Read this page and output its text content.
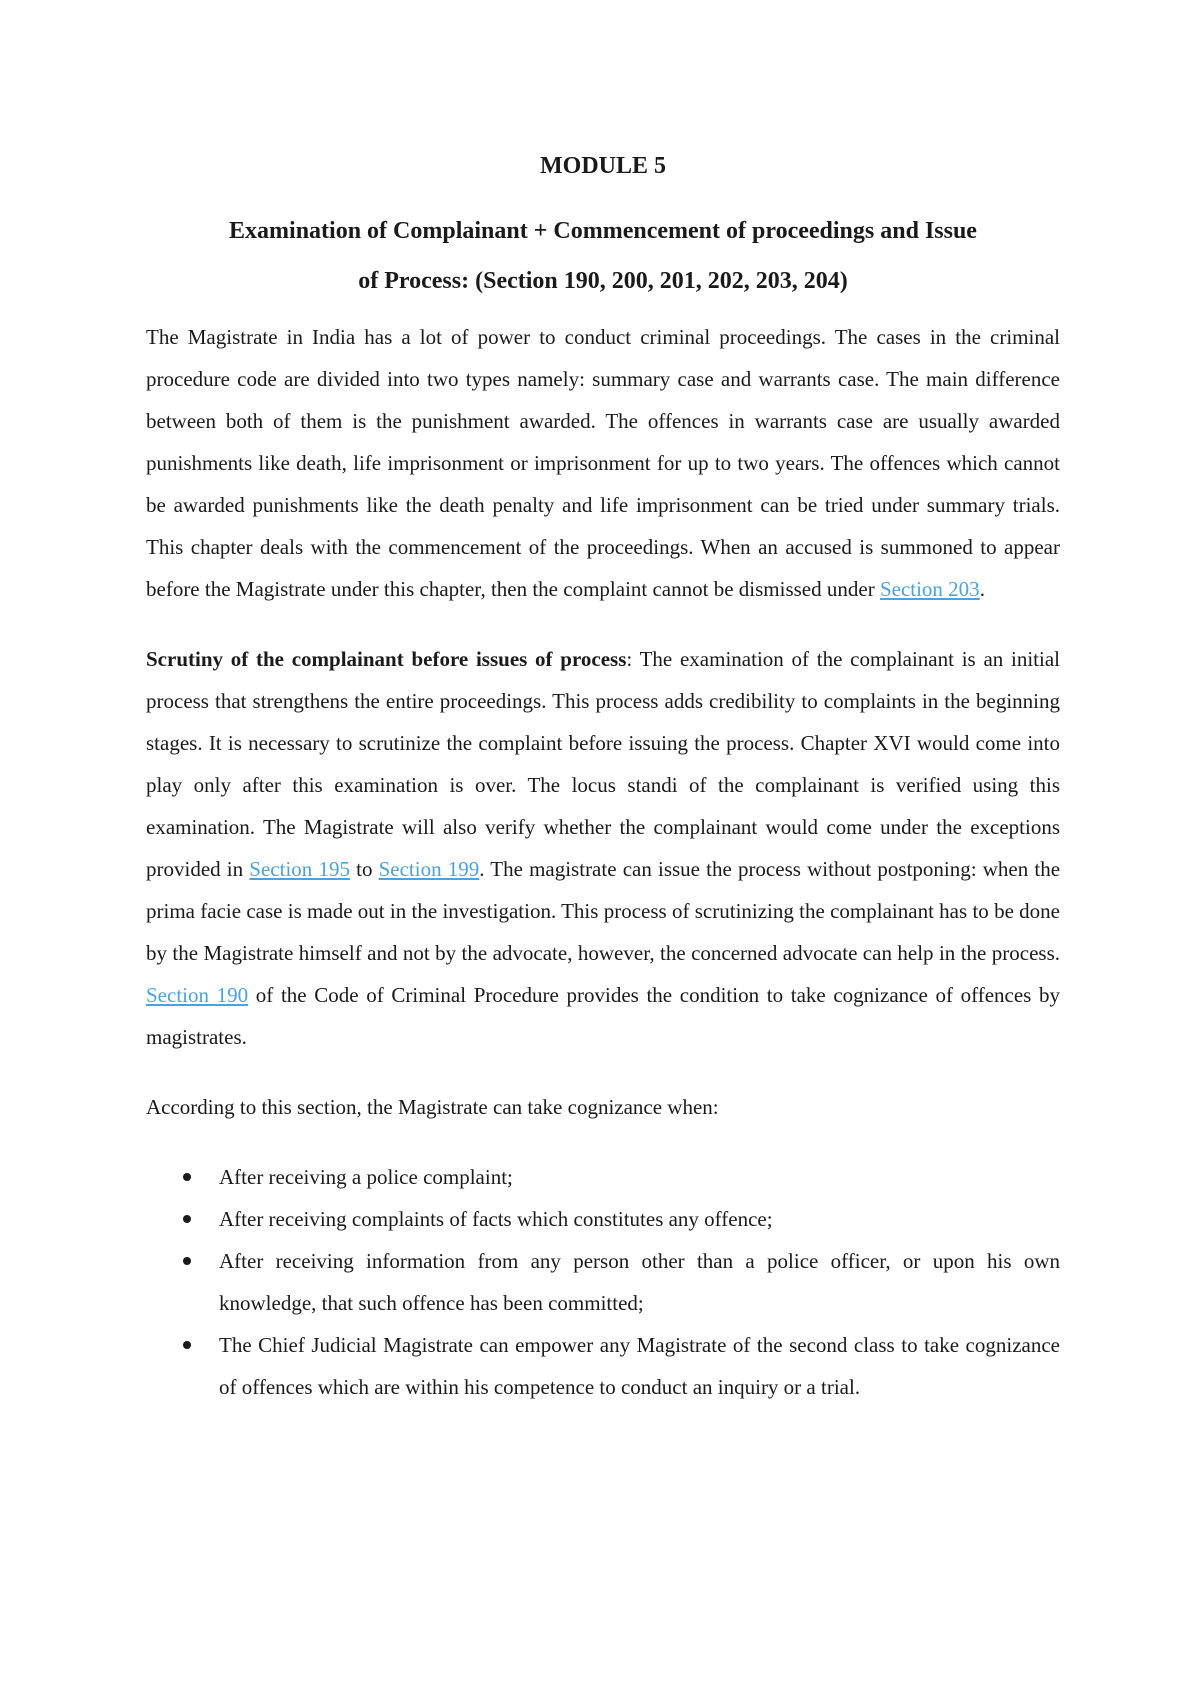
MODULE 5
Examination of Complainant + Commencement of proceedings and Issue
of Process: (Section 190, 200, 201, 202, 203, 204)

The Magistrate in India has a lot of power to conduct criminal proceedings. The cases in the criminal procedure code are divided into two types namely: summary case and warrants case. The main difference between both of them is the punishment awarded. The offences in warrants case are usually awarded punishments like death, life imprisonment or imprisonment for up to two years. The offences which cannot be awarded punishments like the death penalty and life imprisonment can be tried under summary trials. This chapter deals with the commencement of the proceedings. When an accused is summoned to appear before the Magistrate under this chapter, then the complaint cannot be dismissed under Section 203.

Scrutiny of the complainant before issues of process: The examination of the complainant is an initial process that strengthens the entire proceedings. This process adds credibility to complaints in the beginning stages. It is necessary to scrutinize the complaint before issuing the process. Chapter XVI would come into play only after this examination is over. The locus standi of the complainant is verified using this examination. The Magistrate will also verify whether the complainant would come under the exceptions provided in Section 195 to Section 199. The magistrate can issue the process without postponing: when the prima facie case is made out in the investigation. This process of scrutinizing the complainant has to be done by the Magistrate himself and not by the advocate, however, the concerned advocate can help in the process. Section 190 of the Code of Criminal Procedure provides the condition to take cognizance of offences by magistrates.

According to this section, the Magistrate can take cognizance when:

After receiving a police complaint;
After receiving complaints of facts which constitutes any offence;
After receiving information from any person other than a police officer, or upon his own knowledge, that such offence has been committed;
The Chief Judicial Magistrate can empower any Magistrate of the second class to take cognizance of offences which are within his competence to conduct an inquiry or a trial.
